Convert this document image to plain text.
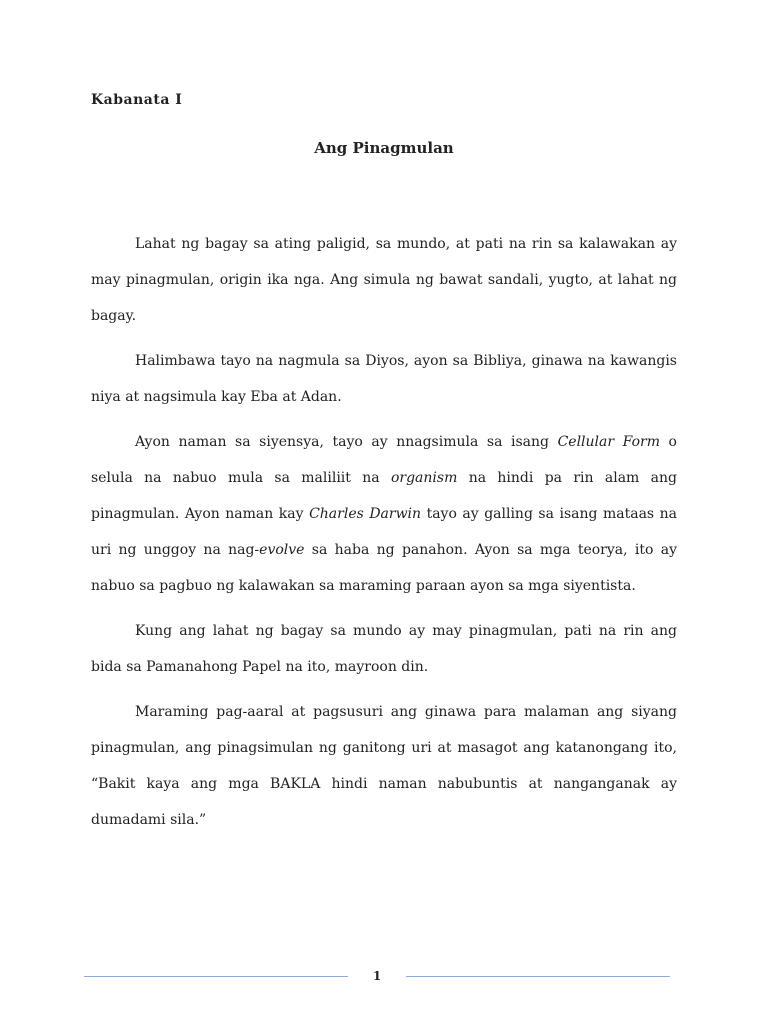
Kabanata I
Ang Pinagmulan

Lahat ng bagay sa ating paligid, sa mundo, at pati na rin sa kalawakan ay may pinagmulan, origin ika nga. Ang simula ng bawat sandali, yugto, at lahat ng bagay.

Halimbawa tayo na nagmula sa Diyos, ayon sa Bibliya, ginawa na kawangis niya at nagsimula kay Eba at Adan.

Ayon naman sa siyensya, tayo ay nnagsimula sa isang Cellular Form o selula na nabuo mula sa maliliit na organism na hindi pa rin alam ang pinagmulan. Ayon naman kay Charles Darwin tayo ay galling sa isang mataas na uri ng unggoy na nag-evolve sa haba ng panahon. Ayon sa mga teorya, ito ay nabuo sa pagbuo ng kalawakan sa maraming paraan ayon sa mga siyentista.

Kung ang lahat ng bagay sa mundo ay may pinagmulan, pati na rin ang bida sa Pamanahong Papel na ito, mayroon din.

Maraming pag-aaral at pagsusuri ang ginawa para malaman ang siyang pinagmulan, ang pinagsimulan ng ganitong uri at masagot ang katanongang ito, “Bakit kaya ang mga BAKLA hindi naman nabubuntis at nanganganak ay dumadami sila.”

1
